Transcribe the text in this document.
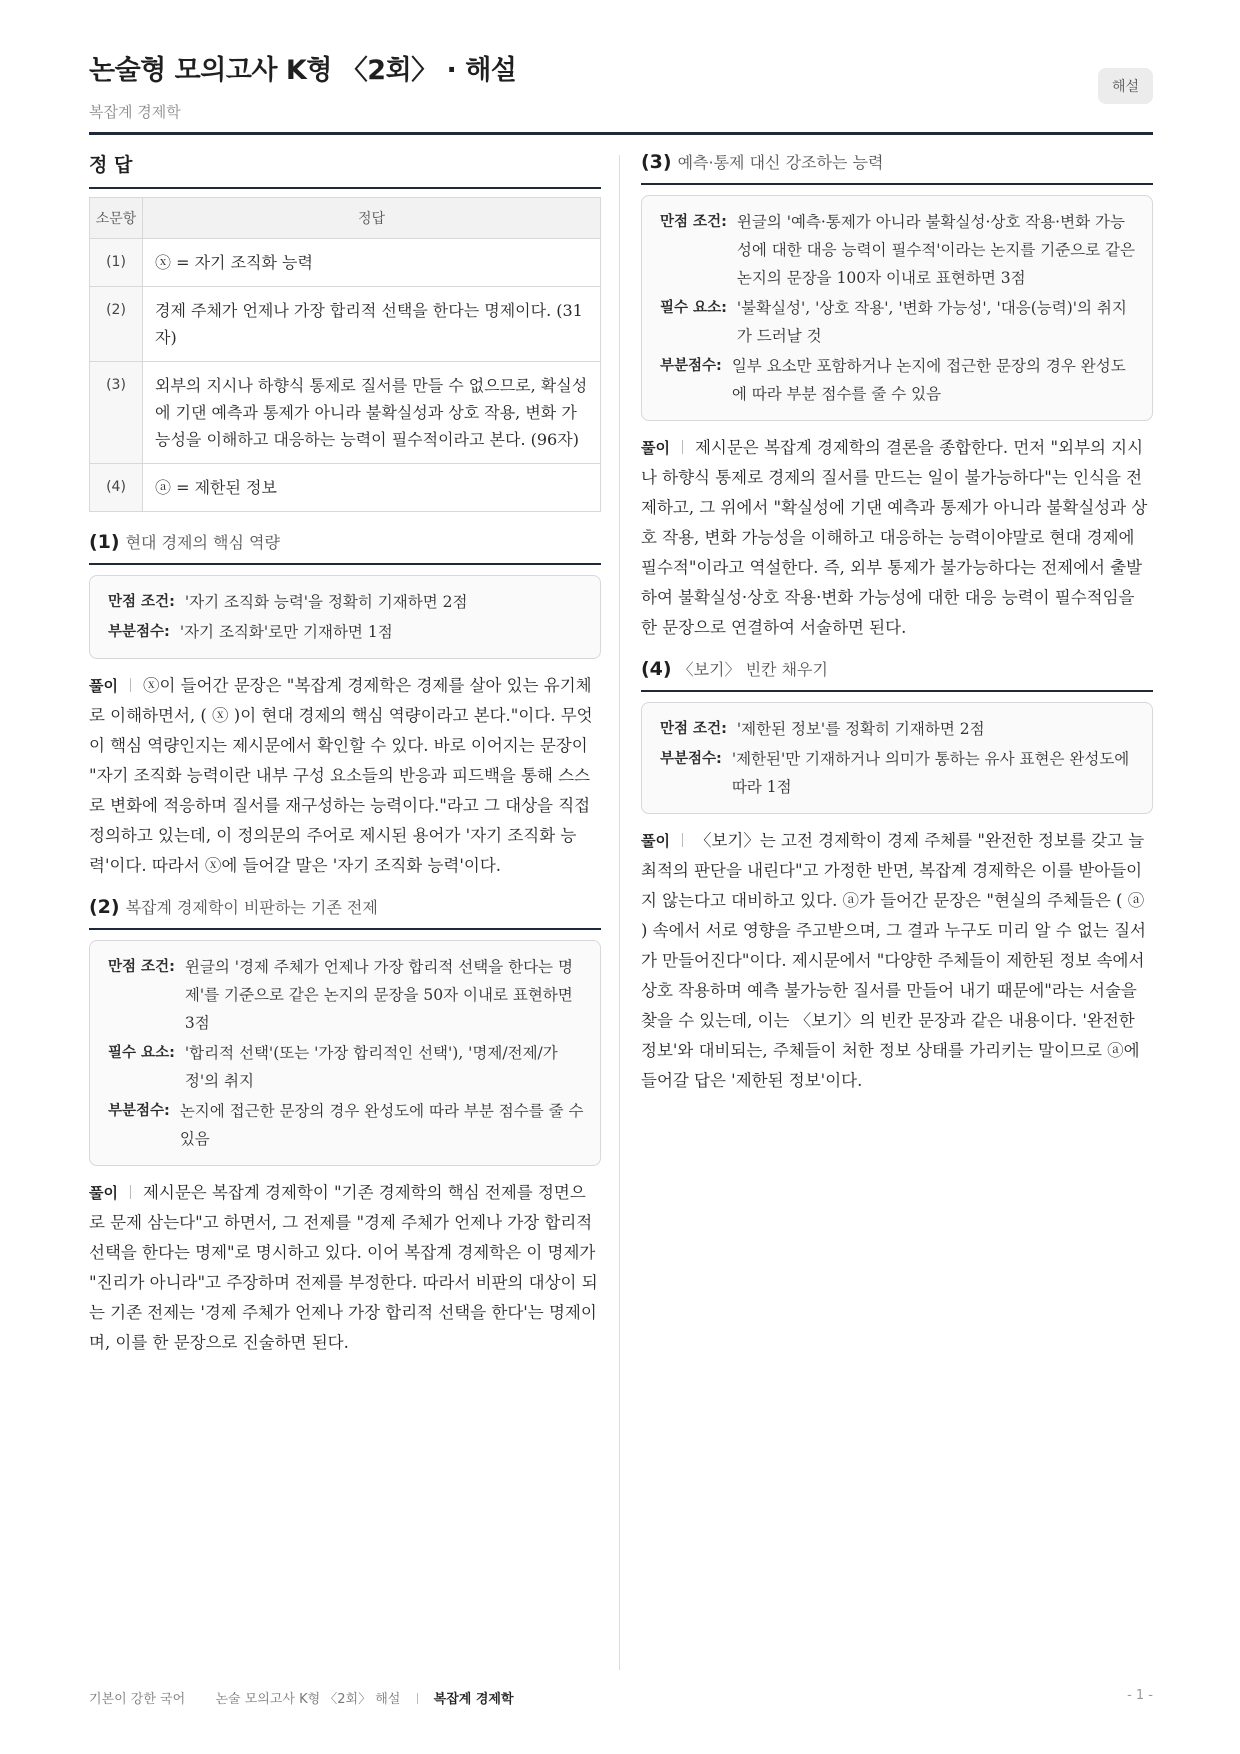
논술형 모의고사 K형 〈2회〉 · 해설
복잡계 경제학
해설
정 답
소문항	정답
(1)	ⓧ = 자기 조직화 능력
(2)	경제 주체가 언제나 가장 합리적 선택을 한다는 명제이다. (31자)
(3)	외부의 지시나 하향식 통제로 질서를 만들 수 없으므로, 확실성에 기댄 예측과 통제가 아니라 불확실성과 상호 작용, 변화 가능성을 이해하고 대응하는 능력이 필수적이라고 본다. (96자)
(4)	ⓐ = 제한된 정보
(1) 현대 경제의 핵심 역량
만점 조건: '자기 조직화 능력'을 정확히 기재하면 2점
부분점수: '자기 조직화'로만 기재하면 1점
풀이 ⓧ이 들어간 문장은 "복잡계 경제학은 경제를 살아 있는 유기체로 이해하면서, ( ⓧ )이 현대 경제의 핵심 역량이라고 본다."이다. 무엇이 핵심 역량인지는 제시문에서 확인할 수 있다. 바로 이어지는 문장이 "자기 조직화 능력이란 내부 구성 요소들의 반응과 피드백을 통해 스스로 변화에 적응하며 질서를 재구성하는 능력이다."라고 그 대상을 직접 정의하고 있는데, 이 정의문의 주어로 제시된 용어가 '자기 조직화 능력'이다. 따라서 ⓧ에 들어갈 말은 '자기 조직화 능력'이다.
(2) 복잡계 경제학이 비판하는 기존 전제
만점 조건: 윈글의 '경제 주체가 언제나 가장 합리적 선택을 한다는 명제'를 기준으로 같은 논지의 문장을 50자 이내로 표현하면 3점
필수 요소: '합리적 선택'(또는 '가장 합리적인 선택'), '명제/전제/가정'의 취지
부분점수: 논지에 접근한 문장의 경우 완성도에 따라 부분 점수를 줄 수 있음
풀이 제시문은 복잡계 경제학이 "기존 경제학의 핵심 전제를 정면으로 문제 삼는다"고 하면서, 그 전제를 "경제 주체가 언제나 가장 합리적 선택을 한다는 명제"로 명시하고 있다. 이어 복잡계 경제학은 이 명제가 "진리가 아니라"고 주장하며 전제를 부정한다. 따라서 비판의 대상이 되는 기존 전제는 '경제 주체가 언제나 가장 합리적 선택을 한다'는 명제이며, 이를 한 문장으로 진술하면 된다.
(3) 예측·통제 대신 강조하는 능력
만점 조건: 윈글의 '예측·통제가 아니라 불확실성·상호 작용·변화 가능성에 대한 대응 능력이 필수적'이라는 논지를 기준으로 같은 논지의 문장을 100자 이내로 표현하면 3점
필수 요소: '불확실성', '상호 작용', '변화 가능성', '대응(능력)'의 취지가 드러날 것
부분점수: 일부 요소만 포함하거나 논지에 접근한 문장의 경우 완성도에 따라 부분 점수를 줄 수 있음
풀이 제시문은 복잡계 경제학의 결론을 종합한다. 먼저 "외부의 지시나 하향식 통제로 경제의 질서를 만드는 일이 불가능하다"는 인식을 전제하고, 그 위에서 "확실성에 기댄 예측과 통제가 아니라 불확실성과 상호 작용, 변화 가능성을 이해하고 대응하는 능력이야말로 현대 경제에 필수적"이라고 역설한다. 즉, 외부 통제가 불가능하다는 전제에서 출발하여 불확실성·상호 작용·변화 가능성에 대한 대응 능력이 필수적임을 한 문장으로 연결하여 서술하면 된다.
(4) 〈보기〉 빈칸 채우기
만점 조건: '제한된 정보'를 정확히 기재하면 2점
부분점수: '제한된'만 기재하거나 의미가 통하는 유사 표현은 완성도에 따라 1점
풀이 〈보기〉는 고전 경제학이 경제 주체를 "완전한 정보를 갖고 늘 최적의 판단을 내린다"고 가정한 반면, 복잡계 경제학은 이를 받아들이지 않는다고 대비하고 있다. ⓐ가 들어간 문장은 "현실의 주체들은 ( ⓐ ) 속에서 서로 영향을 주고받으며, 그 결과 누구도 미리 알 수 없는 질서가 만들어진다"이다. 제시문에서 "다양한 주체들이 제한된 정보 속에서 상호 작용하며 예측 불가능한 질서를 만들어 내기 때문에"라는 서술을 찾을 수 있는데, 이는 〈보기〉의 빈칸 문장과 같은 내용이다. '완전한 정보'와 대비되는, 주체들이 처한 정보 상태를 가리키는 말이므로 ⓐ에 들어갈 답은 '제한된 정보'이다.
기본이 강한 국어 논술 모의고사 K형 〈2회〉 해설	복잡계 경제학	- 1 -
